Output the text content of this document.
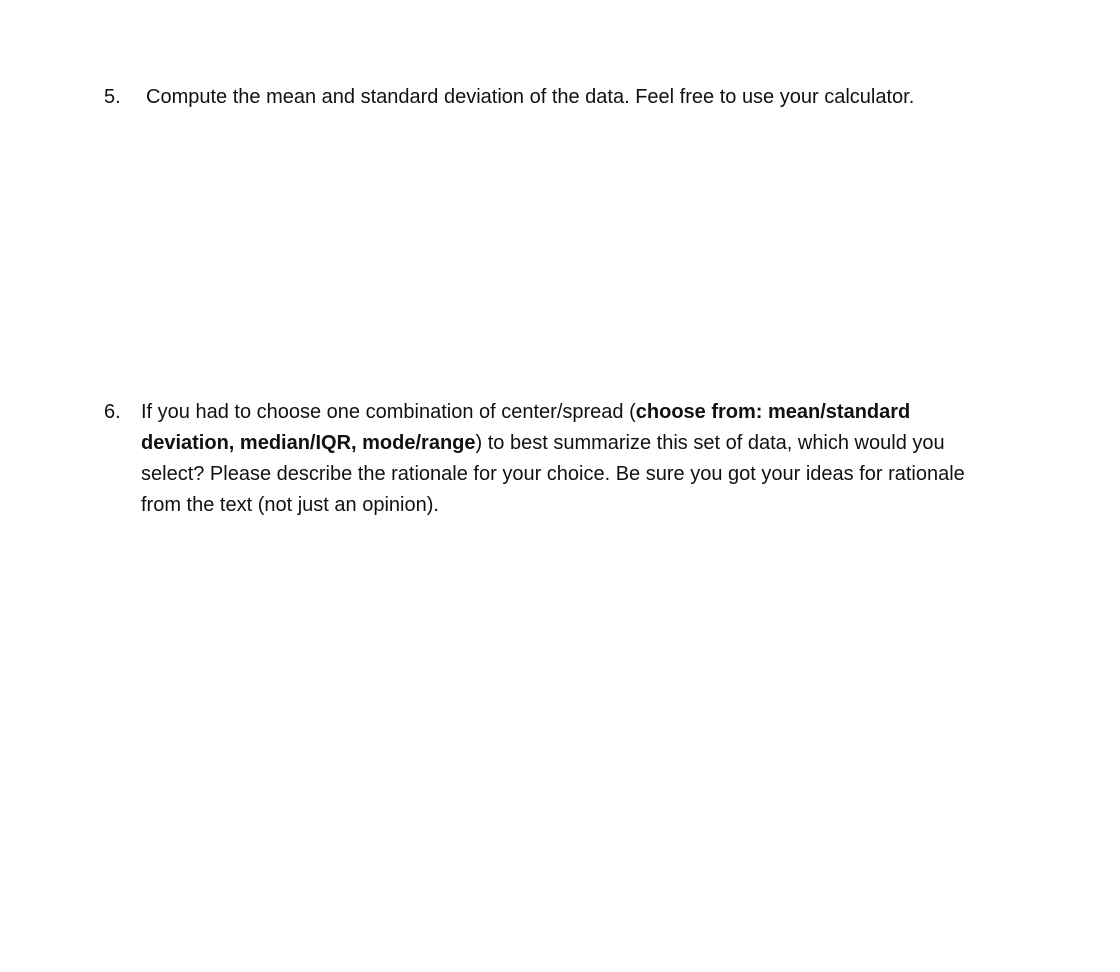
5. Compute the mean and standard deviation of the data. Feel free to use your calculator.
6. If you had to choose one combination of center/spread (choose from: mean/standard deviation, median/IQR, mode/range) to best summarize this set of data, which would you select? Please describe the rationale for your choice. Be sure you got your ideas for rationale from the text (not just an opinion).
